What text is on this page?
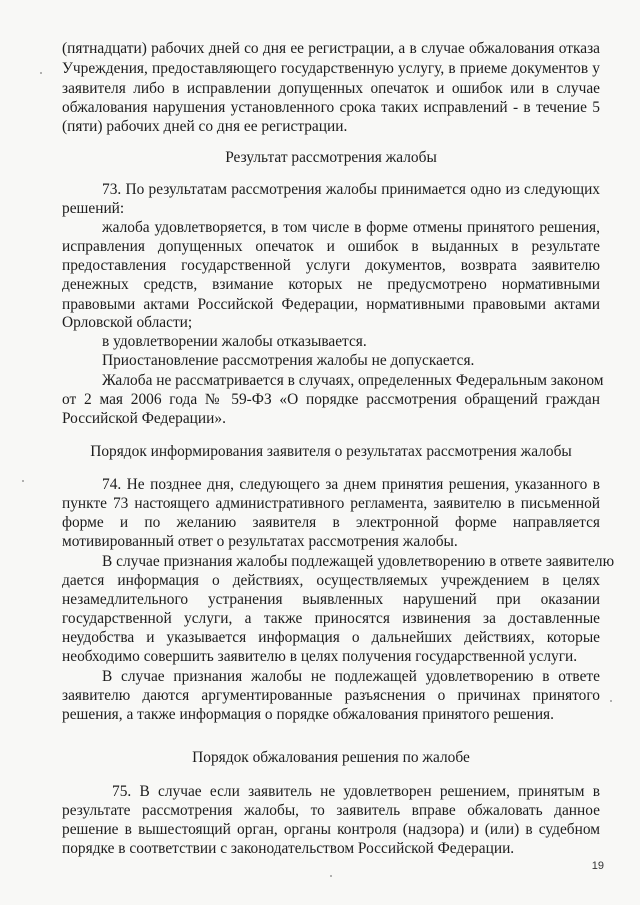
(пятнадцати) рабочих дней со дня ее регистрации, а в случае обжалования отказа
Учреждения, предоставляющего государственную услугу, в приеме документов у
заявителя либо в исправлении допущенных опечаток и ошибок или в случае
обжалования нарушения установленного срока таких исправлений - в течение 5
(пяти) рабочих дней со дня ее регистрации.
Результат рассмотрения жалобы
73. По результатам рассмотрения жалобы принимается одно из следующих
решений:
жалоба удовлетворяется, в том числе в форме отмены принятого решения,
исправления допущенных опечаток и ошибок в выданных в результате
предоставления государственной услуги документов, возврата заявителю
денежных средств, взимание которых не предусмотрено нормативными
правовыми актами Российской Федерации, нормативными правовыми актами
Орловской области;
в удовлетворении жалобы отказывается.
Приостановление рассмотрения жалобы не допускается.
Жалоба не рассматривается в случаях, определенных Федеральным законом
от 2 мая 2006 года № 59-ФЗ «О порядке рассмотрения обращений граждан
Российской Федерации».
Порядок информирования заявителя о результатах рассмотрения жалобы
74. Не позднее дня, следующего за днем принятия решения, указанного в
пункте 73 настоящего административного регламента, заявителю в письменной
форме и по желанию заявителя в электронной форме направляется
мотивированный ответ о результатах рассмотрения жалобы.
В случае признания жалобы подлежащей удовлетворению в ответе заявителю
дается информация о действиях, осуществляемых учреждением в целях
незамедлительного устранения выявленных нарушений при оказании
государственной услуги, а также приносятся извинения за доставленные
неудобства и указывается информация о дальнейших действиях, которые
необходимо совершить заявителю в целях получения государственной услуги.
В случае признания жалобы не подлежащей удовлетворению в ответе
заявителю даются аргументированные разъяснения о причинах принятого
решения, а также информация о порядке обжалования принятого решения.
Порядок обжалования решения по жалобе
75. В случае если заявитель не удовлетворен решением, принятым в
результате рассмотрения жалобы, то заявитель вправе обжаловать данное
решение в вышестоящий орган, органы контроля (надзора) и (или) в судебном
порядке в соответствии с законодательством Российской Федерации.
19
